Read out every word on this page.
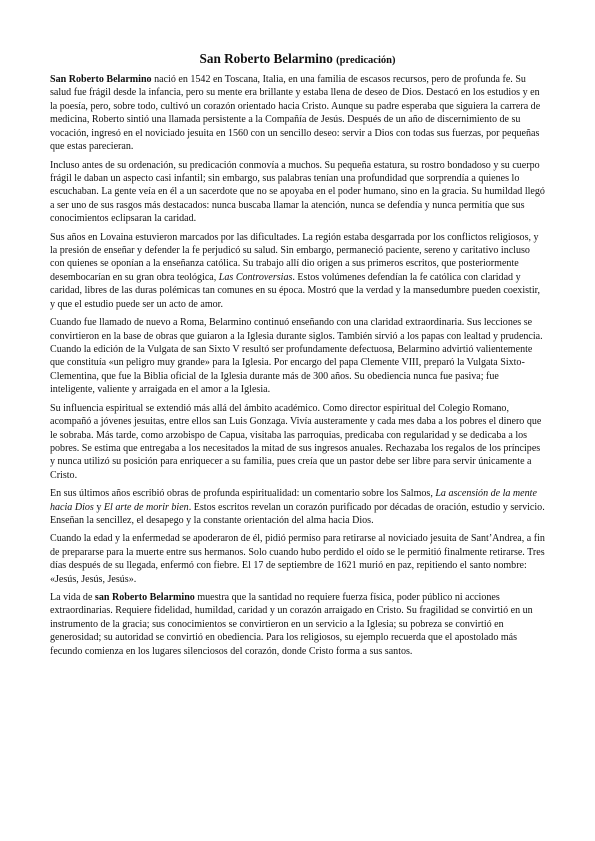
San Roberto Belarmino (predicación)

San Roberto Belarmino nació en 1542 en Toscana, Italia, en una familia de escasos recursos, pero de profunda fe. Su salud fue frágil desde la infancia, pero su mente era brillante y estaba llena de deseo de Dios. Destacó en los estudios y en la poesía, pero, sobre todo, cultivó un corazón orientado hacia Cristo. Aunque su padre esperaba que siguiera la carrera de medicina, Roberto sintió una llamada persistente a la Compañía de Jesús. Después de un año de discernimiento de su vocación, ingresó en el noviciado jesuita en 1560 con un sencillo deseo: servir a Dios con todas sus fuerzas, por pequeñas que estas parecieran.

Incluso antes de su ordenación, su predicación conmovía a muchos. Su pequeña estatura, su rostro bondadoso y su cuerpo frágil le daban un aspecto casi infantil; sin embargo, sus palabras tenían una profundidad que sorprendía a quienes lo escuchaban. La gente veía en él a un sacerdote que no se apoyaba en el poder humano, sino en la gracia. Su humildad llegó a ser uno de sus rasgos más destacados: nunca buscaba llamar la atención, nunca se defendía y nunca permitía que sus conocimientos eclipsaran la caridad.

Sus años en Lovaina estuvieron marcados por las dificultades. La región estaba desgarrada por los conflictos religiosos, y la presión de enseñar y defender la fe perjudicó su salud. Sin embargo, permaneció paciente, sereno y caritativo incluso con quienes se oponían a la enseñanza católica. Su trabajo allí dio origen a sus primeros escritos, que posteriormente desembocarían en su gran obra teológica, Las Controversias. Estos volúmenes defendían la fe católica con claridad y caridad, libres de las duras polémicas tan comunes en su época. Mostró que la verdad y la mansedumbre pueden coexistir, y que el estudio puede ser un acto de amor.

Cuando fue llamado de nuevo a Roma, Belarmino continuó enseñando con una claridad extraordinaria. Sus lecciones se convirtieron en la base de obras que guiaron a la Iglesia durante siglos. También sirvió a los papas con lealtad y prudencia. Cuando la edición de la Vulgata de san Sixto V resultó ser profundamente defectuosa, Belarmino advirtió valientemente que constituía «un peligro muy grande» para la Iglesia. Por encargo del papa Clemente VIII, preparó la Vulgata Sixto-Clementina, que fue la Biblia oficial de la Iglesia durante más de 300 años. Su obediencia nunca fue pasiva; fue inteligente, valiente y arraigada en el amor a la Iglesia.

Su influencia espiritual se extendió más allá del ámbito académico. Como director espiritual del Colegio Romano, acompañó a jóvenes jesuitas, entre ellos san Luis Gonzaga. Vivía austeramente y cada mes daba a los pobres el dinero que le sobraba. Más tarde, como arzobispo de Capua, visitaba las parroquias, predicaba con regularidad y se dedicaba a los pobres. Se estima que entregaba a los necesitados la mitad de sus ingresos anuales. Rechazaba los regalos de los príncipes y nunca utilizó su posición para enriquecer a su familia, pues creía que un pastor debe ser libre para servir únicamente a Cristo.

En sus últimos años escribió obras de profunda espiritualidad: un comentario sobre los Salmos, La ascensión de la mente hacia Dios y El arte de morir bien. Estos escritos revelan un corazón purificado por décadas de oración, estudio y servicio. Enseñan la sencillez, el desapego y la constante orientación del alma hacia Dios.

Cuando la edad y la enfermedad se apoderaron de él, pidió permiso para retirarse al noviciado jesuita de Sant’Andrea, a fin de prepararse para la muerte entre sus hermanos. Solo cuando hubo perdido el oído se le permitió finalmente retirarse. Tres días después de su llegada, enfermó con fiebre. El 17 de septiembre de 1621 murió en paz, repitiendo el santo nombre: «Jesús, Jesús, Jesús».

La vida de san Roberto Belarmino muestra que la santidad no requiere fuerza física, poder público ni acciones extraordinarias. Requiere fidelidad, humildad, caridad y un corazón arraigado en Cristo. Su fragilidad se convirtió en un instrumento de la gracia; sus conocimientos se convirtieron en un servicio a la Iglesia; su pobreza se convirtió en generosidad; su autoridad se convirtió en obediencia. Para los religiosos, su ejemplo recuerda que el apostolado más fecundo comienza en los lugares silenciosos del corazón, donde Cristo forma a sus santos.
